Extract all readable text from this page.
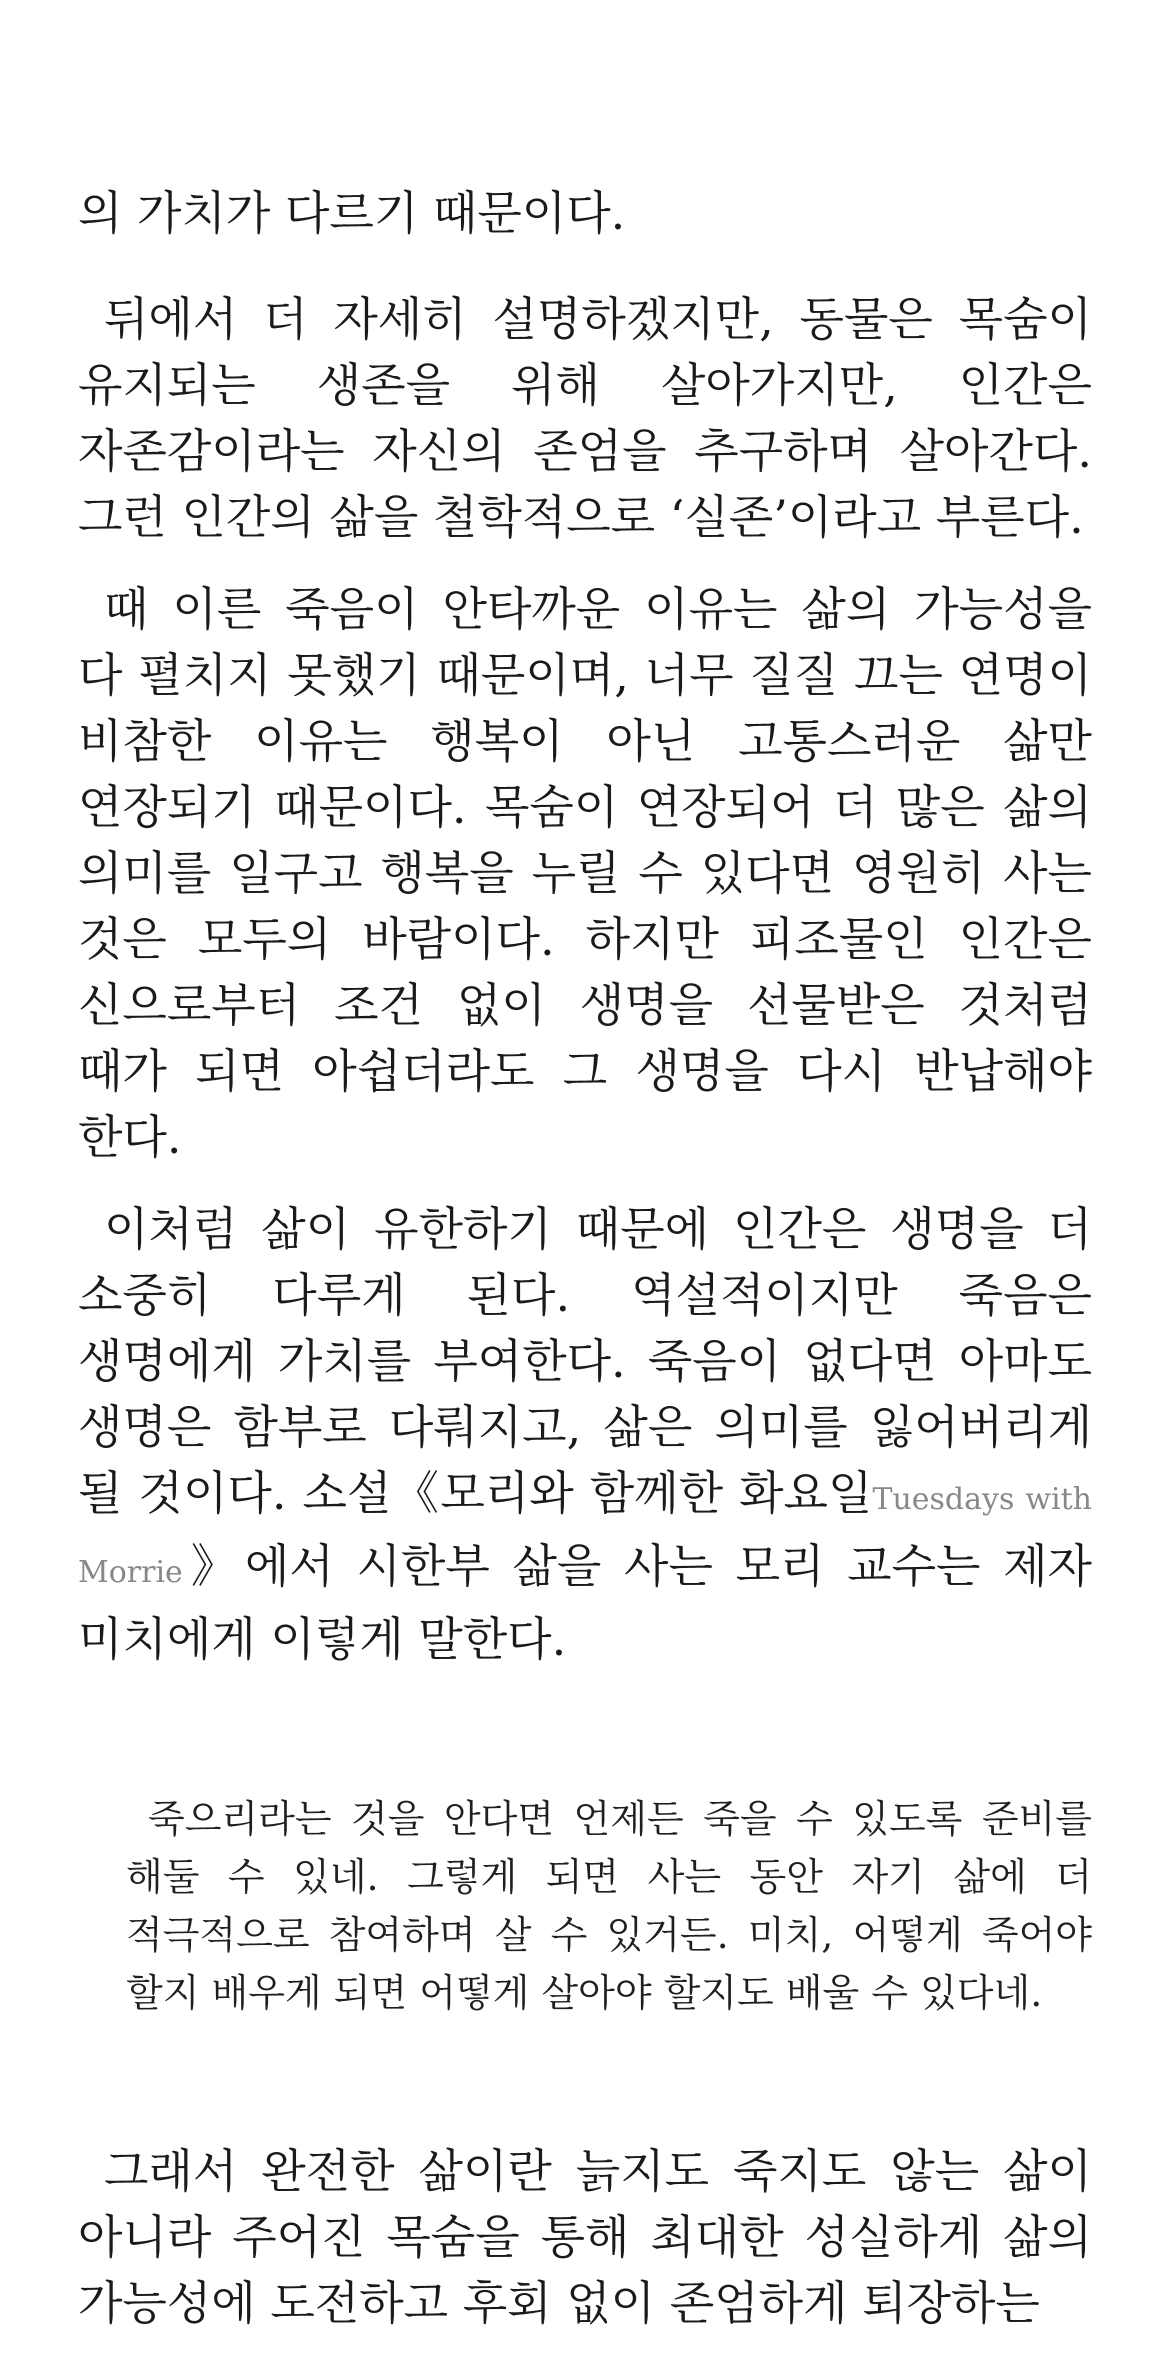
의 가치가 다르기 때문이다.

뒤에서 더 자세히 설명하겠지만, 동물은 목숨이 유지되는 생존을 위해 살아가지만, 인간은 자존감이라는 자신의 존엄을 추구하며 살아간다. 그런 인간의 삶을 철학적으로 ‘실존’이라고 부른다.

때 이른 죽음이 안타까운 이유는 삶의 가능성을 다 펼치지 못했기 때문이며, 너무 질질 끄는 연명이 비참한 이유는 행복이 아닌 고통스러운 삶만 연장되기 때문이다. 목숨이 연장되어 더 많은 삶의 의미를 일구고 행복을 누릴 수 있다면 영원히 사는 것은 모두의 바람이다. 하지만 피조물인 인간은 신으로부터 조건 없이 생명을 선물받은 것처럼 때가 되면 아쉽더라도 그 생명을 다시 반납해야 한다.

이처럼 삶이 유한하기 때문에 인간은 생명을 더 소중히 다루게 된다. 역설적이지만 죽음은 생명에게 가치를 부여한다. 죽음이 없다면 아마도 생명은 함부로 다뤄지고, 삶은 의미를 잃어버리게 될 것이다. 소설《모리와 함께한 화요일Tuesdays with Morrie》에서 시한부 삶을 사는 모리 교수는 제자 미치에게 이렇게 말한다.

죽으리라는 것을 안다면 언제든 죽을 수 있도록 준비를 해둘 수 있네. 그렇게 되면 사는 동안 자기 삶에 더 적극적으로 참여하며 살 수 있거든. 미치, 어떻게 죽어야 할지 배우게 되면 어떻게 살아야 할지도 배울 수 있다네.

그래서 완전한 삶이란 늙지도 죽지도 않는 삶이 아니라 주어진 목숨을 통해 최대한 성실하게 삶의 가능성에 도전하고 후회 없이 존엄하게 퇴장하는
